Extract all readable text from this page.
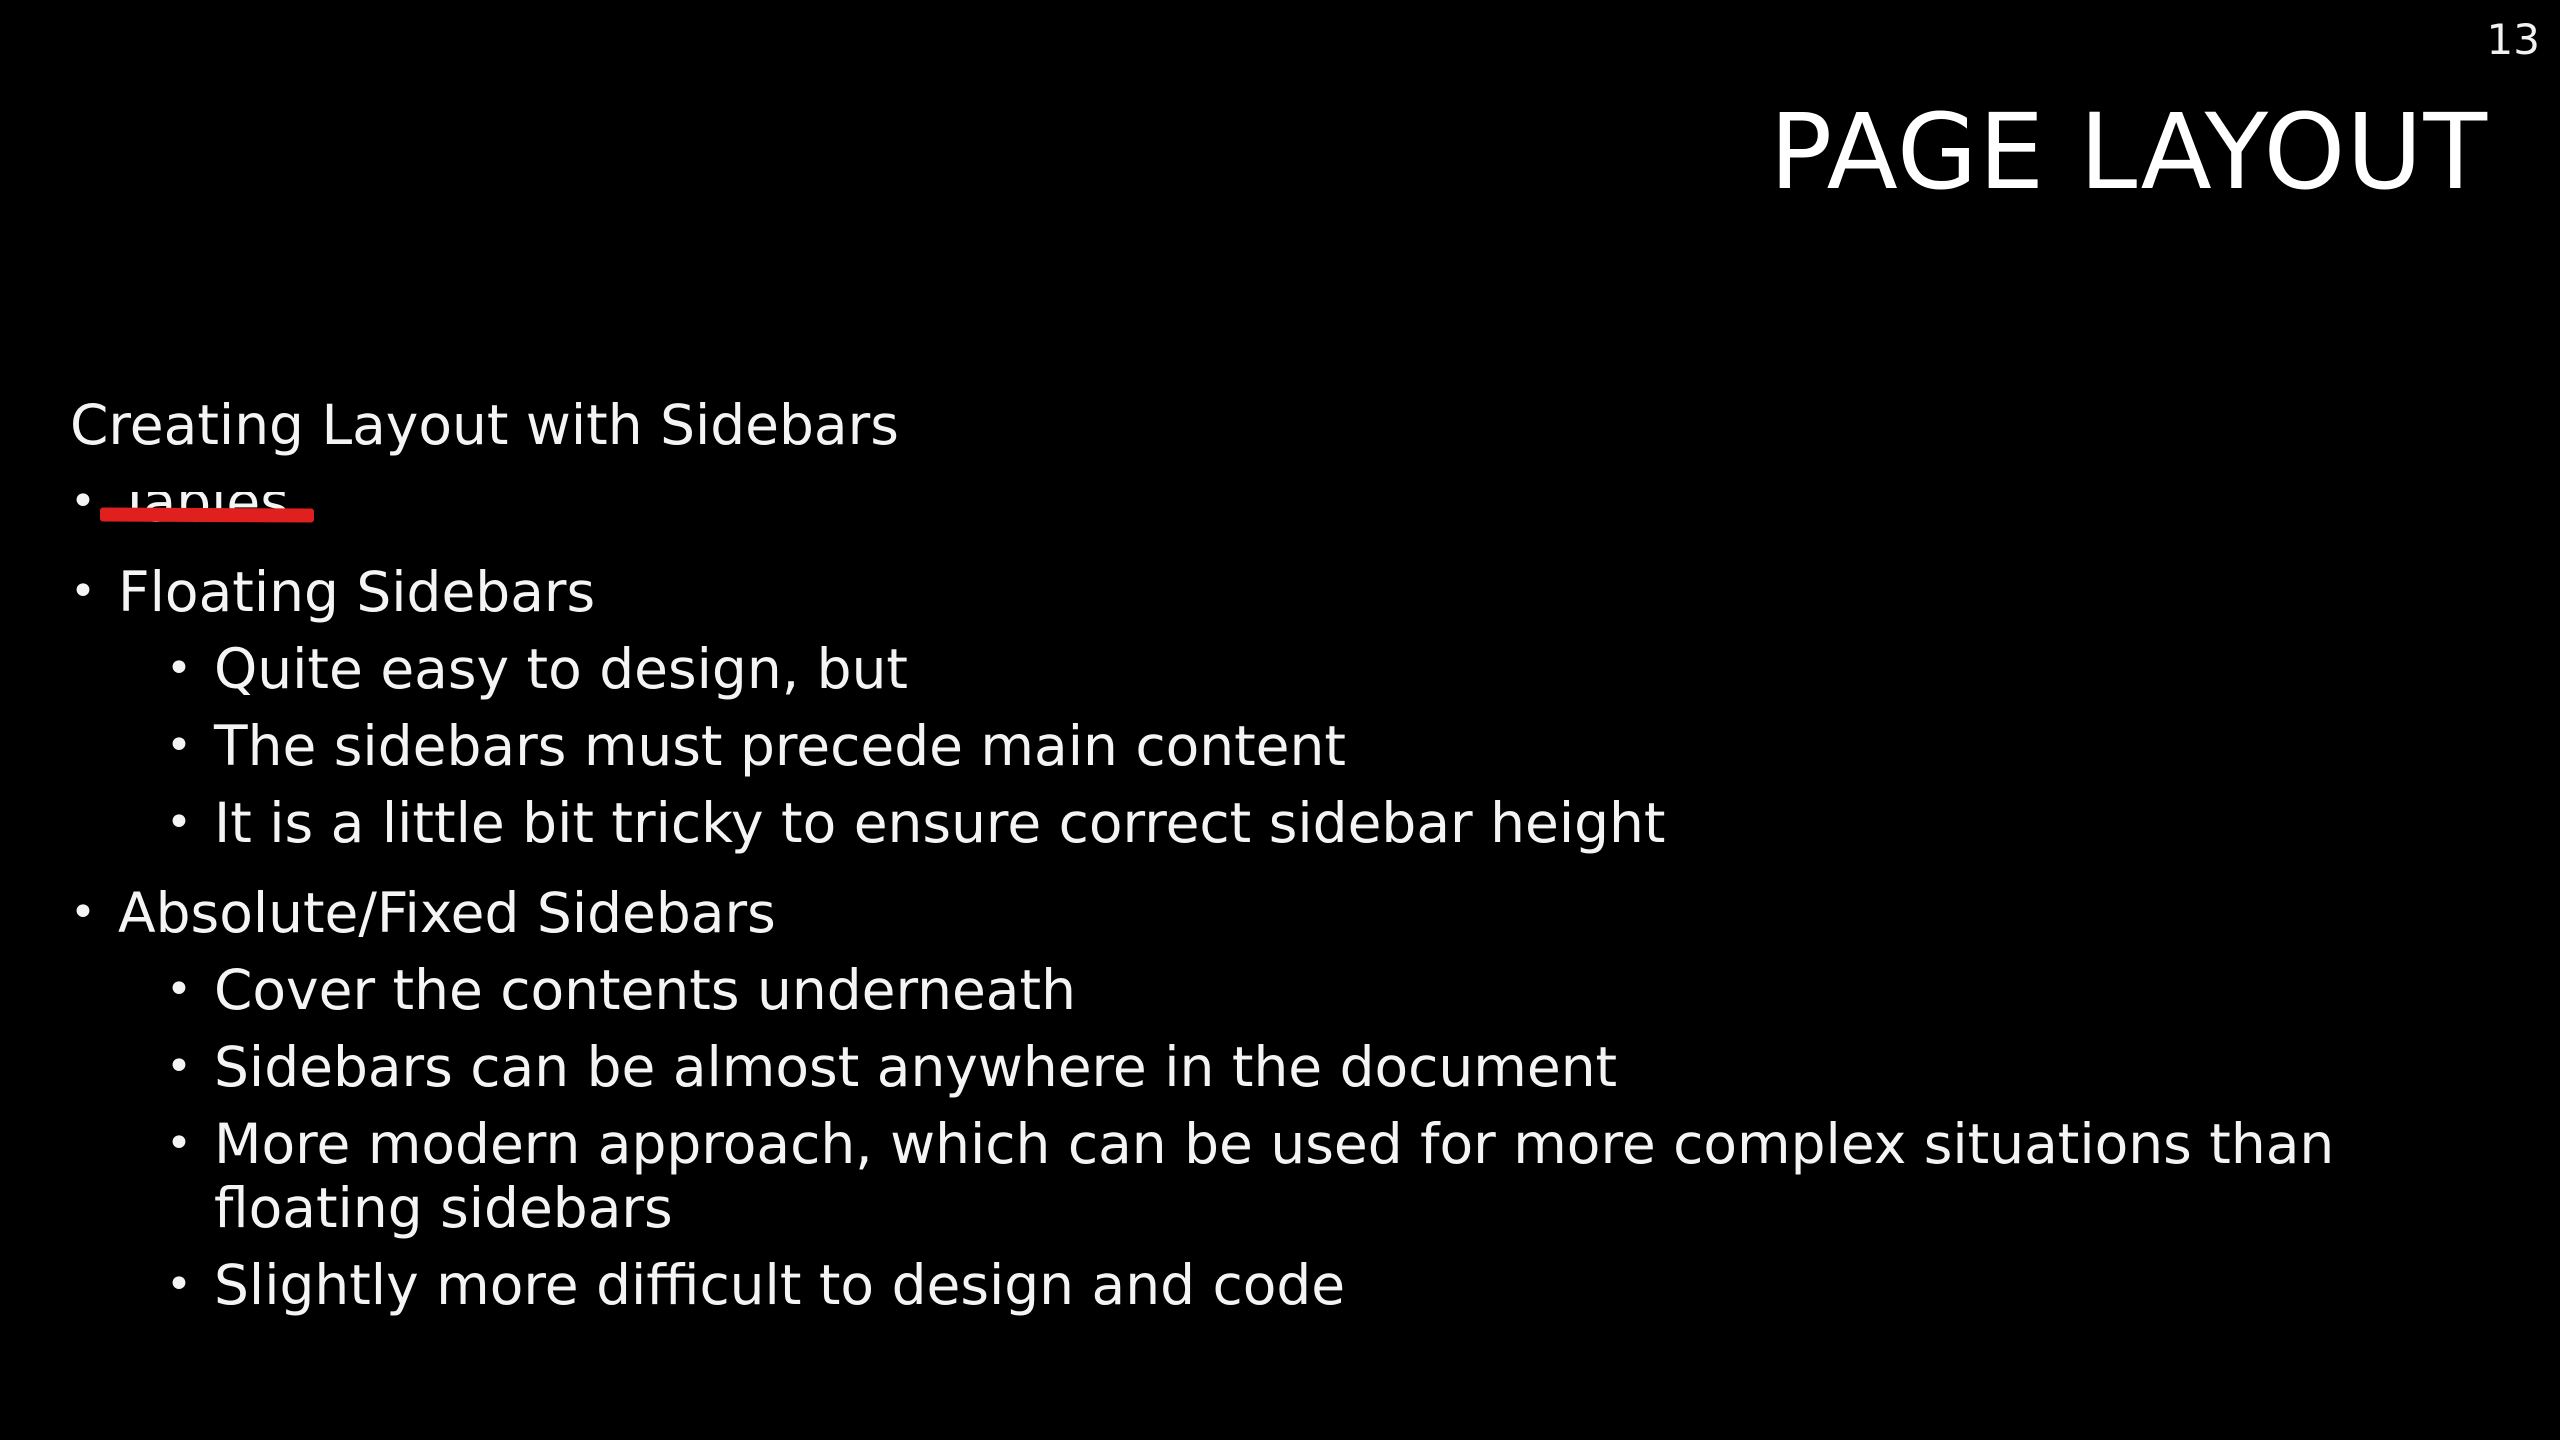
13
PAGE LAYOUT
Creating Layout with Sidebars
•
• Floating Sidebars
• Quite easy to design, but
• The sidebars must precede main content
• It is a little bit tricky to ensure correct sidebar height
• Absolute/Fixed Sidebars
• Cover the contents underneath
• Sidebars can be almost anywhere in the document
• More modern approach, which can be used for more complex situations than floating sidebars
• Slightly more difficult to design and code
